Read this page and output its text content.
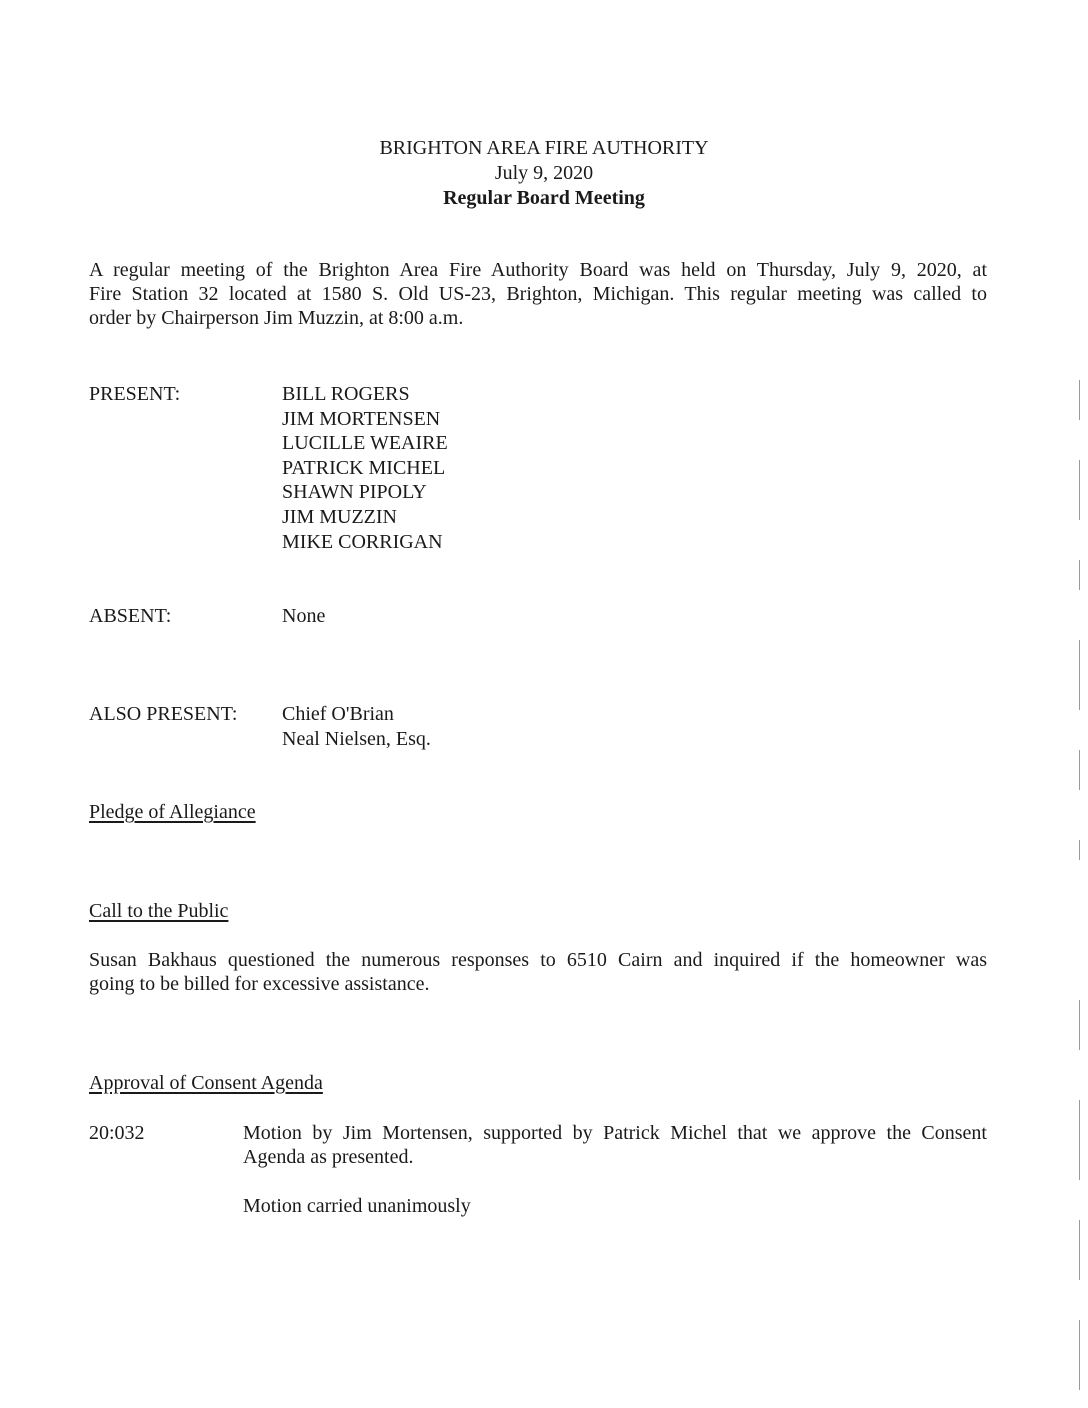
BRIGHTON AREA FIRE AUTHORITY
July 9, 2020
Regular Board Meeting
A regular meeting of the Brighton Area Fire Authority Board was held on Thursday, July 9, 2020, at
Fire Station 32 located at 1580 S. Old US-23, Brighton, Michigan. This regular meeting was called to
order by Chairperson Jim Muzzin, at 8:00 a.m.
PRESENT:	BILL ROGERS
JIM MORTENSEN
LUCILLE WEAIRE
PATRICK MICHEL
SHAWN PIPOLY
JIM MUZZIN
MIKE CORRIGAN
ABSENT:	None
ALSO PRESENT: Chief O'Brian
Neal Nielsen, Esq.
Pledge of Allegiance
Call to the Public
Susan Bakhaus questioned the numerous responses to 6510 Cairn and inquired if the homeowner was
going to be billed for excessive assistance.
Approval of Consent Agenda
20:032	Motion by Jim Mortensen, supported by Patrick Michel that we approve the Consent
Agenda as presented.
Motion carried unanimously
